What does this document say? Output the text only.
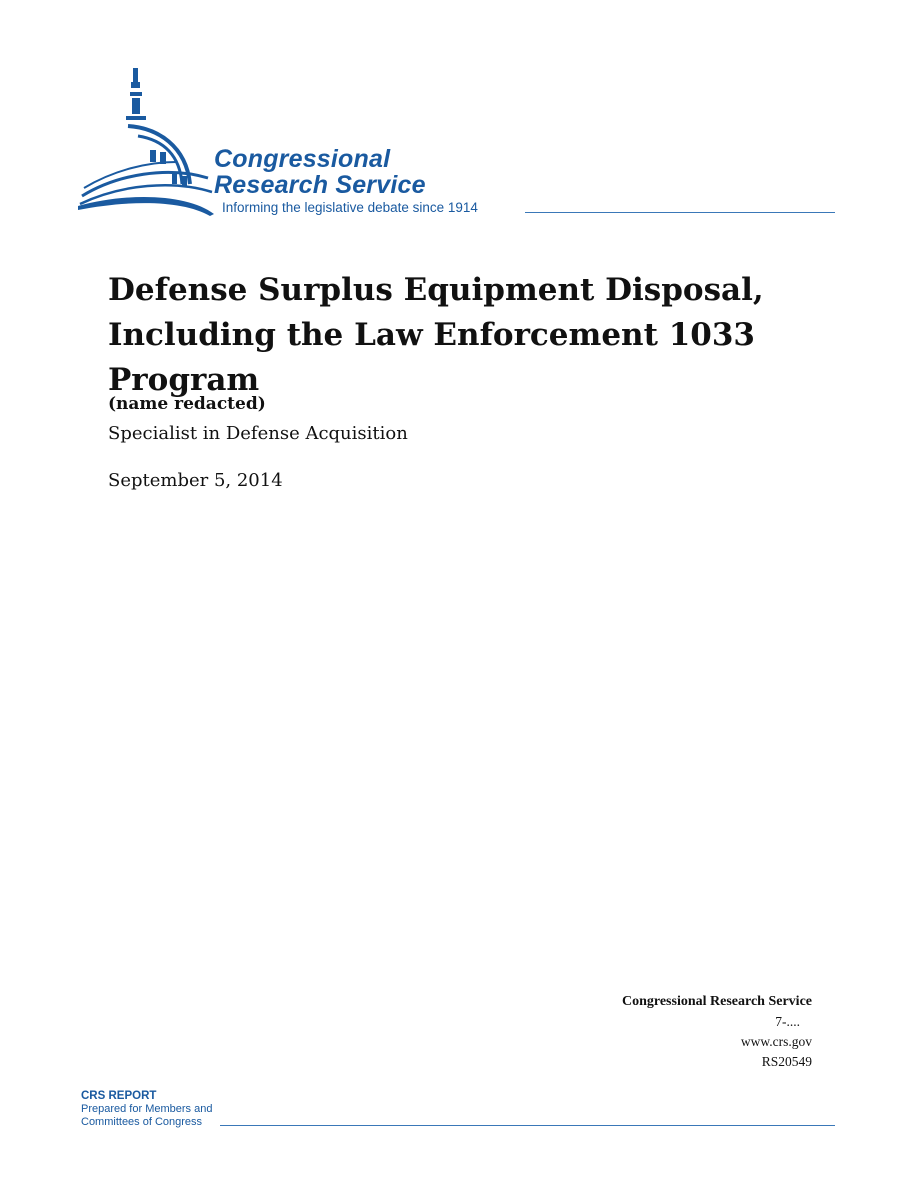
Congressional
Research Service
Informing the legislative debate since 1914
Defense Surplus Equipment Disposal,
Including the Law Enforcement 1033 Program
(name redacted)
Specialist in Defense Acquisition
September 5, 2014
Congressional Research Service
7-....
www.crs.gov
RS20549
CRS REPORT
Prepared for Members and
Committees of Congress
